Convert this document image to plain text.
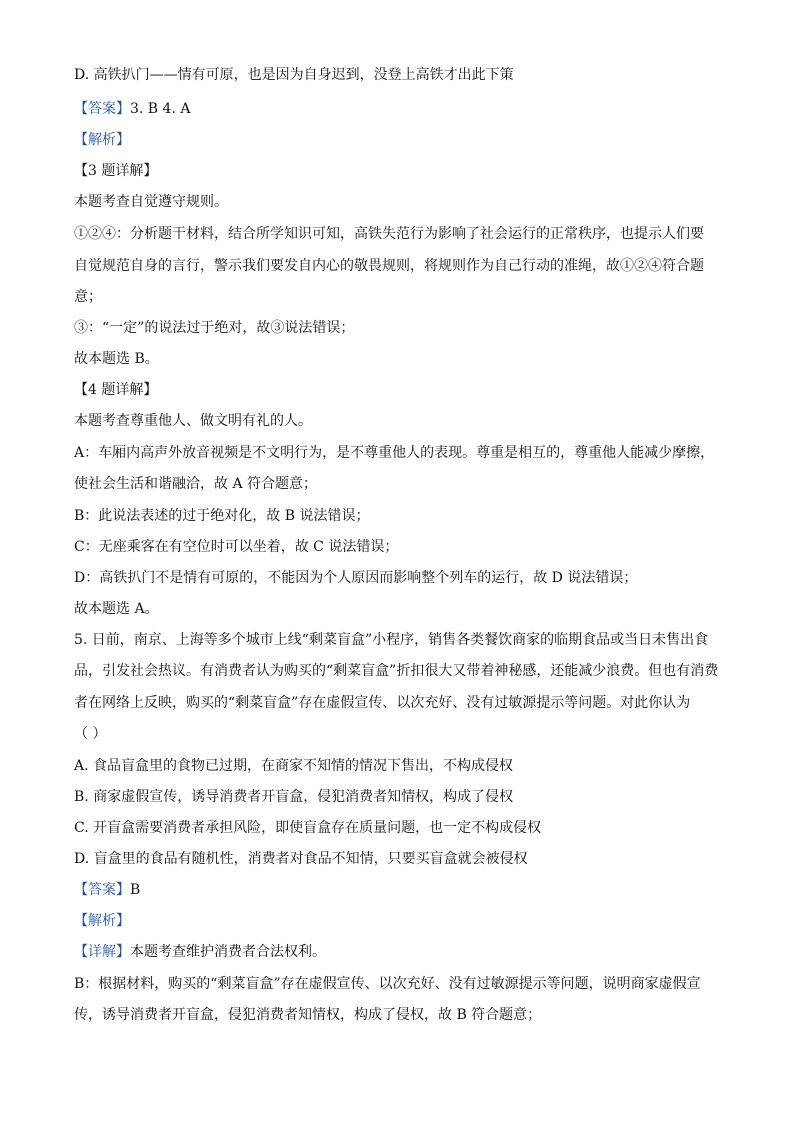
D. 高铁扒门——情有可原，也是因为自身迟到，没登上高铁才出此下策
【答案】3. B 4. A
【解析】
【3 题详解】
本题考查自觉遵守规则。
①②④：分析题干材料，结合所学知识可知，高铁失范行为影响了社会运行的正常秩序，也提示人们要
自觉规范自身的言行，警示我们要发自内心的敬畏规则，将规则作为自己行动的准绳，故①②④符合题
意；
③：“一定”的说法过于绝对，故③说法错误；
故本题选 B。
【4 题详解】
本题考查尊重他人、做文明有礼的人。
A：车厢内高声外放音视频是不文明行为，是不尊重他人的表现。尊重是相互的，尊重他人能减少摩擦，
使社会生活和谐融洽，故 A 符合题意；
B：此说法表述的过于绝对化，故 B 说法错误；
C：无座乘客在有空位时可以坐着，故 C 说法错误；
D：高铁扒门不是情有可原的，不能因为个人原因而影响整个列车的运行，故 D 说法错误；
故本题选 A。
5. 日前，南京、上海等多个城市上线“剩菜盲盒”小程序，销售各类餐饮商家的临期食品或当日未售出食
品，引发社会热议。有消费者认为购买的“剩菜盲盒”折扣很大又带着神秘感，还能减少浪费。但也有消费
者在网络上反映，购买的“剩菜盲盒”存在虚假宣传、以次充好、没有过敏源提示等问题。对此你认为
（ ）
A. 食品盲盒里的食物已过期，在商家不知情的情况下售出，不构成侵权
B. 商家虚假宣传，诱导消费者开盲盒，侵犯消费者知情权，构成了侵权
C. 开盲盒需要消费者承担风险，即使盲盒存在质量问题，也一定不构成侵权
D. 盲盒里的食品有随机性，消费者对食品不知情，只要买盲盒就会被侵权
【答案】B
【解析】
【详解】本题考查维护消费者合法权利。
B：根据材料，购买的“剩菜盲盒”存在虚假宣传、以次充好、没有过敏源提示等问题，说明商家虚假宣
传，诱导消费者开盲盒，侵犯消费者知情权，构成了侵权，故 B 符合题意；
